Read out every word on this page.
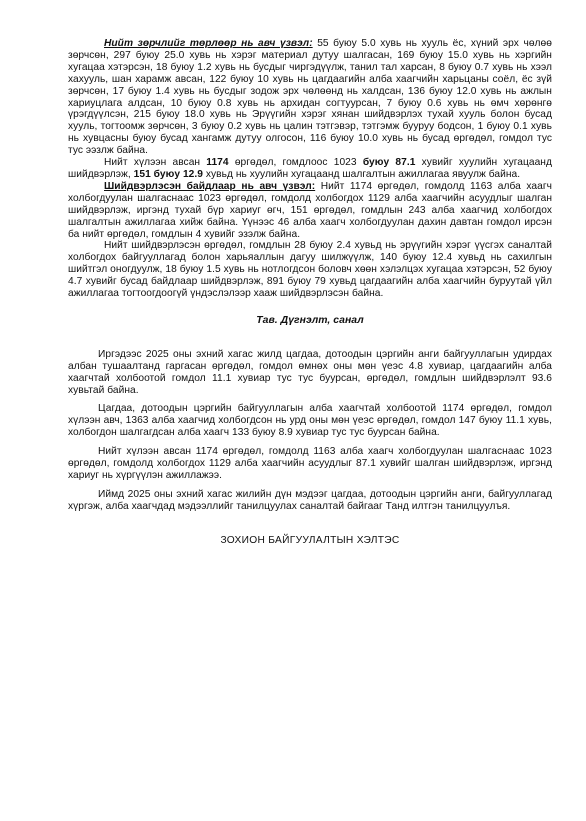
Нийт зөрчлийг төрлөөр нь авч үзвэл: 55 буюу 5.0 хувь нь хууль ёс, хүний эрх чөлөө зөрчсөн, 297 буюу 25.0 хувь нь хэрэг материал дутуу шалгасан, 169 буюу 15.0 хувь нь хэргийн хугацаа хэтэрсэн, 18 буюу 1.2 хувь нь бусдыг чиргэдүүлж, танил тал харсан, 8 буюу 0.7 хувь нь хээл хахууль, шан харамж авсан, 122 буюу 10 хувь нь цагдаагийн алба хаагчийн харьцаны соёл, ёс зүй зөрчсөн, 17 буюу 1.4 хувь нь бусдыг зодож эрх чөлөөнд нь халдсан, 136 буюу 12.0 хувь нь ажлын хариуцлага алдсан, 10 буюу 0.8 хувь нь архидан согтуурсан, 7 буюу 0.6 хувь нь өмч хөрөнгө үрэгдүүлсэн, 215 буюу 18.0 хувь нь Эрүүгийн хэрэг хянан шийдвэрлэх тухай хууль болон бусад хууль, тогтоомж зөрчсөн, 3 буюу 0.2 хувь нь цалин тэтгэвэр, тэтгэмж бууруу бодсон, 1 буюу 0.1 хувь нь хувцасны буюу бусад хангамж дутуу олгосон, 116 буюу 10.0 хувь нь бусад өргөдөл, гомдол тус тус ээзлж байна.

Нийт хүлээн авсан 1174 өргөдөл, гомдлоос 1023 буюу 87.1 хувийг хуулийн хугацаанд шийдвэрлэж, 151 буюу 12.9 хувьд нь хуулийн хугацаанд шалгалтын ажиллагаа явуулж байна.

Шийдвэрлэсэн байдлаар нь авч үзвэл: Нийт 1174 өргөдөл, гомдолд 1163 алба хаагч холбогдуулан шалгаснаас 1023 өргөдөл, гомдолд холбогдох 1129 алба хаагчийн асуудлыг шалган шийдвэрлэж, иргэнд тухай бүр хариуг өгч, 151 өргөдөл, гомдлын 243 алба хаагчид холбогдох шалгалтын ажиллагаа хийж байна. Үүнээс 46 алба хаагч холбогдуулан дахин давтан гомдол ирсэн ба нийт өргөдөл, гомдлын 4 хувийг эзэлж байна.

Нийт шийдвэрлэсэн өргөдөл, гомдлын 28 буюу 2.4 хувьд нь эрүүгийн хэрэг үүсгэх саналтай холбогдох байгууллагад болон харьяаллын дагуу шилжүүлж, 140 буюу 12.4 хувьд нь сахилгын шийтгэл оногдуулж, 18 буюу 1.5 хувь нь нотлогдсон боловч хөөн хэлэлцэх хугацаа хэтэрсэн, 52 буюу 4.7 хувийг бусад байдлаар шийдвэрлэж, 891 буюу 79 хувьд цагдаагийн алба хаагчийн буруутай үйл ажиллагаа тогтоогдоогүй үндэслэлээр хааж шийдвэрлэсэн байна.

Тав. Дүгнэлт, санал

Иргэдээс 2025 оны эхний хагас жилд цагдаа, дотоодын цэргийн анги байгууллагын удирдах албан тушаалтанд гаргасан өргөдөл, гомдол өмнөх оны мөн үеэс 4.8 хувиар, цагдаагийн алба хаагчтай холбоотой гомдол 11.1 хувиар тус тус буурсан, өргөдөл, гомдлын шийдвэрлэлт 93.6 хувьтай байна.

Цагдаа, дотоодын цэргийн байгууллагын алба хаагчтай холбоотой 1174 өргөдөл, гомдол хүлээн авч, 1363 алба хаагчид холбогдсон нь урд оны мөн үеэс өргөдөл, гомдол 147 буюу 11.1 хувь, холбогдон шалгагдсан алба хаагч 133 буюу 8.9 хувиар тус тус буурсан байна.

Нийт хүлээн авсан 1174 өргөдөл, гомдолд 1163 алба хаагч холбогдуулан шалгаснаас 1023 өргөдөл, гомдолд холбогдох 1129 алба хаагчийн асуудлыг 87.1 хувийг шалган шийдвэрлэж, иргэнд хариуг нь хүргүүлэн ажиллажээ.

Иймд 2025 оны эхний хагас жилийн дүн мэдээг цагдаа, дотоодын цэргийн анги, байгууллагад хүргэж, алба хаагчдад мэдээллийг танилцуулах саналтай байгааг Танд илтгэн танилцуулъя.

ЗОХИОН БАЙГУУЛАЛТЫН ХЭЛТЭС
